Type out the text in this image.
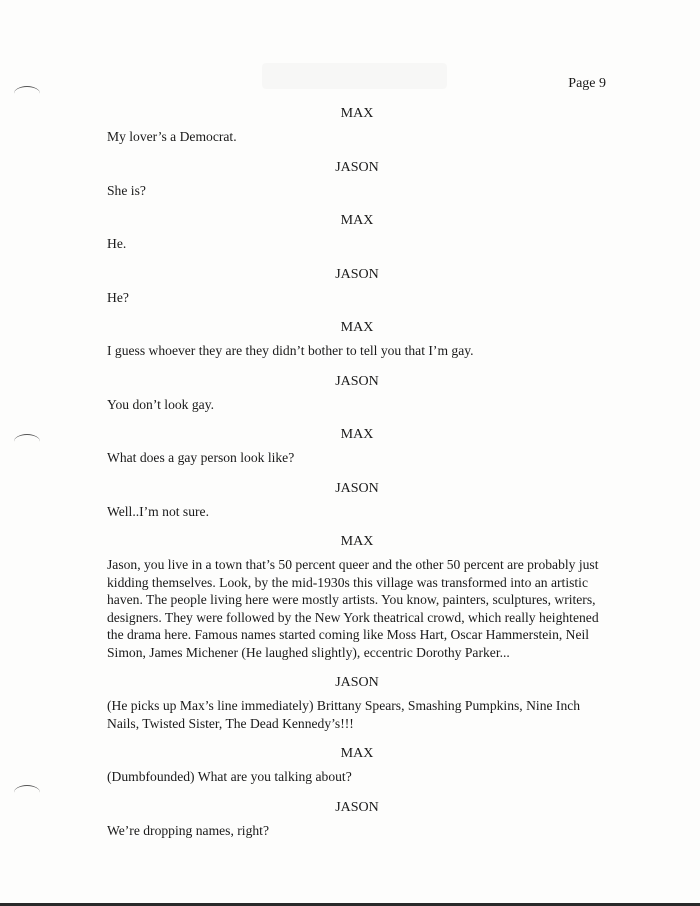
Page 9
MAX
My lover’s a Democrat.
JASON
She is?
MAX
He.
JASON
He?
MAX
I guess whoever they are they didn’t bother to tell you that I’m gay.
JASON
You don’t look gay.
MAX
What does a gay person look like?
JASON
Well..I’m not sure.
MAX
Jason, you live in a town that’s 50 percent queer and the other 50 percent are probably just kidding themselves. Look, by the mid-1930s this village was transformed into an artistic haven. The people living here were mostly artists. You know, painters, sculptures, writers, designers. They were followed by the New York theatrical crowd, which really heightened the drama here. Famous names started coming like Moss Hart, Oscar Hammerstein, Neil Simon, James Michener (He laughed slightly), eccentric Dorothy Parker...
JASON
(He picks up Max’s line immediately) Brittany Spears, Smashing Pumpkins, Nine Inch Nails, Twisted Sister, The Dead Kennedy’s!!!
MAX
(Dumbfounded) What are you talking about?
JASON
We’re dropping names, right?
